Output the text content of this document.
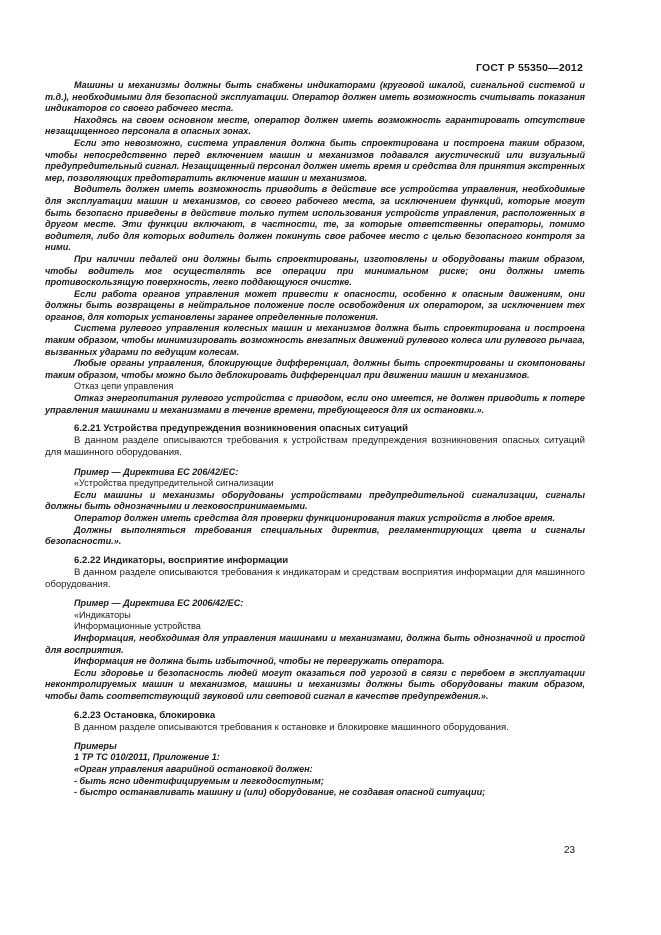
ГОСТ Р 55350—2012

Машины и механизмы должны быть снабжены индикаторами (круговой шкалой, сигнальной системой и т.д.), необходимыми для безопасной эксплуатации. Оператор должен иметь возможность считывать показания индикаторов со своего рабочего места.

Находясь на своем основном месте, оператор должен иметь возможность гарантировать отсутствие незащищенного персонала в опасных зонах.

Если это невозможно, система управления должна быть спроектирована и построена таким образом, чтобы непосредственно перед включением машин и механизмов подавался акустический или визуальный предупредительный сигнал. Незащищенный персонал должен иметь время и средства для принятия экстренных мер, позволяющих предотвратить включение машин и механизмов.

Водитель должен иметь возможность приводить в действие все устройства управления, необходимые для эксплуатации машин и механизмов, со своего рабочего места, за исключением функций, которые могут быть безопасно приведены в действие только путем использования устройств управления, расположенных в другом месте. Эти функции включают, в частности, те, за которые ответственны операторы, помимо водителя, либо для которых водитель должен покинуть свое рабочее место с целью безопасного контроля за ними.

При наличии педалей они должны быть спроектированы, изготовлены и оборудованы таким образом, чтобы водитель мог осуществлять все операции при минимальном риске; они должны иметь противоскользящую поверхность, легко поддающуюся очистке.

Если работа органов управления может привести к опасности, особенно к опасным движениям, они должны быть возвращены в нейтральное положение после освобождения их оператором, за исключением тех органов, для которых установлены заранее определенные положения.

Система рулевого управления колесных машин и механизмов должна быть спроектирована и построена таким образом, чтобы минимизировать возможность внезапных движений рулевого колеса или рулевого рычага, вызванных ударами по ведущим колесам.

Любые органы управления, блокирующие дифференциал, должны быть спроектированы и скомпонованы таким образом, чтобы можно было деблокировать дифференциал при движении машин и механизмов.

Отказ цепи управления

Отказ энергопитания рулевого устройства с приводом, если оно имеется, не должен приводить к потере управления машинами и механизмами в течение времени, требующегося для их остановки.».

6.2.21 Устройства предупреждения возникновения опасных ситуаций

В данном разделе описываются требования к устройствам предупреждения возникновения опасных ситуаций для машинного оборудования.

Пример — Директива ЕС 206/42/ЕС:

«Устройства предупредительной сигнализации

Если машины и механизмы оборудованы устройствами предупредительной сигнализации, сигналы должны быть однозначными и легковоспринимаемыми.

Оператор должен иметь средства для проверки функционирования таких устройств в любое время.

Должны выполняться требования специальных директив, регламентирующих цвета и сигналы безопасности.».

6.2.22 Индикаторы, восприятие информации

В данном разделе описываются требования к индикаторам и средствам восприятия информации для машинного оборудования.

Пример — Директива ЕС 2006/42/ЕС:

«Индикаторы

Информационные устройства

Информация, необходимая для управления машинами и механизмами, должна быть однозначной и простой для восприятия.

Информация не должна быть избыточной, чтобы не перегружать оператора.

Если здоровье и безопасность людей могут оказаться под угрозой в связи с перебоем в эксплуатации неконтролируемых машин и механизмов, машины и механизмы должны быть оборудованы таким образом, чтобы дать соответствующий звуковой или световой сигнал в качестве предупреждения.».

6.2.23 Остановка, блокировка

В данном разделе описываются требования к остановке и блокировке машинного оборудования.

Примеры

1 ТР ТС 010/2011, Приложение 1:

«Орган управления аварийной остановкой должен:

- быть ясно идентифицируемым и легкодоступным;

- быстро останавливать машину и (или) оборудование, не создавая опасной ситуации;

23
